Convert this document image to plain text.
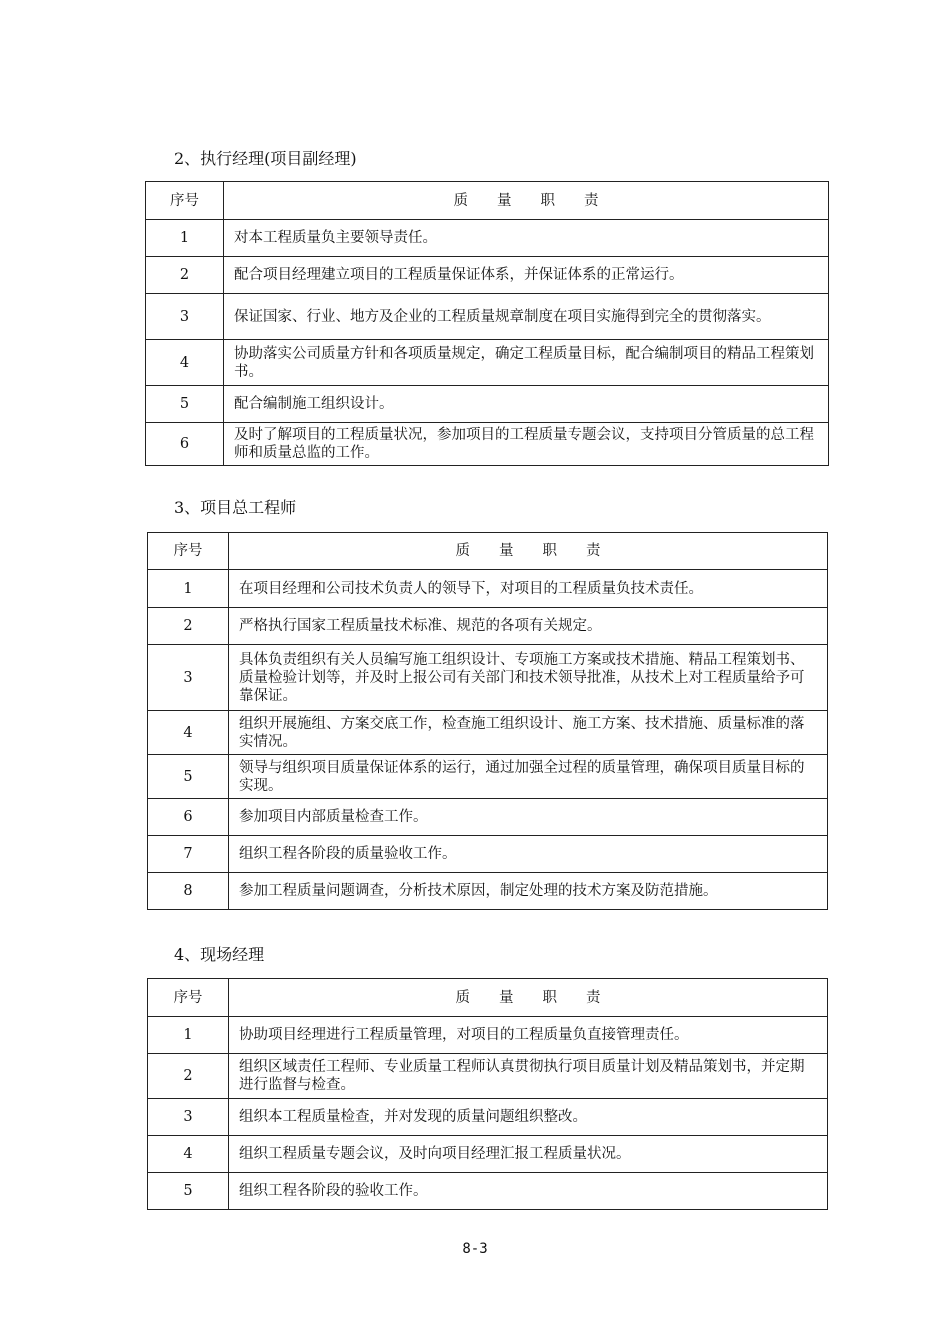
2、执行经理(项目副经理)
序号	质　　量　　职　　责
1	对本工程质量负主要领导责任。
2	配合项目经理建立项目的工程质量保证体系，并保证体系的正常运行。
3	保证国家、行业、地方及企业的工程质量规章制度在项目实施得到完全的贯彻落实。
4	协助落实公司质量方针和各项质量规定，确定工程质量目标，配合编制项目的精品工程策划书。
5	配合编制施工组织设计。
6	及时了解项目的工程质量状况，参加项目的工程质量专题会议，支持项目分管质量的总工程师和质量总监的工作。
3、项目总工程师
序号	质　　量　　职　　责
1	在项目经理和公司技术负责人的领导下，对项目的工程质量负技术责任。
2	严格执行国家工程质量技术标准、规范的各项有关规定。
3	具体负责组织有关人员编写施工组织设计、专项施工方案或技术措施、精品工程策划书、质量检验计划等，并及时上报公司有关部门和技术领导批准，从技术上对工程质量给予可靠保证。
4	组织开展施组、方案交底工作，检查施工组织设计、施工方案、技术措施、质量标准的落实情况。
5	领导与组织项目质量保证体系的运行，通过加强全过程的质量管理，确保项目质量目标的实现。
6	参加项目内部质量检查工作。
7	组织工程各阶段的质量验收工作。
8	参加工程质量问题调查，分析技术原因，制定处理的技术方案及防范措施。
4、现场经理
序号	质　　量　　职　　责
1	协助项目经理进行工程质量管理，对项目的工程质量负直接管理责任。
2	组织区域责任工程师、专业质量工程师认真贯彻执行项目质量计划及精品策划书，并定期进行监督与检查。
3	组织本工程质量检查，并对发现的质量问题组织整改。
4	组织工程质量专题会议，及时向项目经理汇报工程质量状况。
5	组织工程各阶段的验收工作。
8-3
